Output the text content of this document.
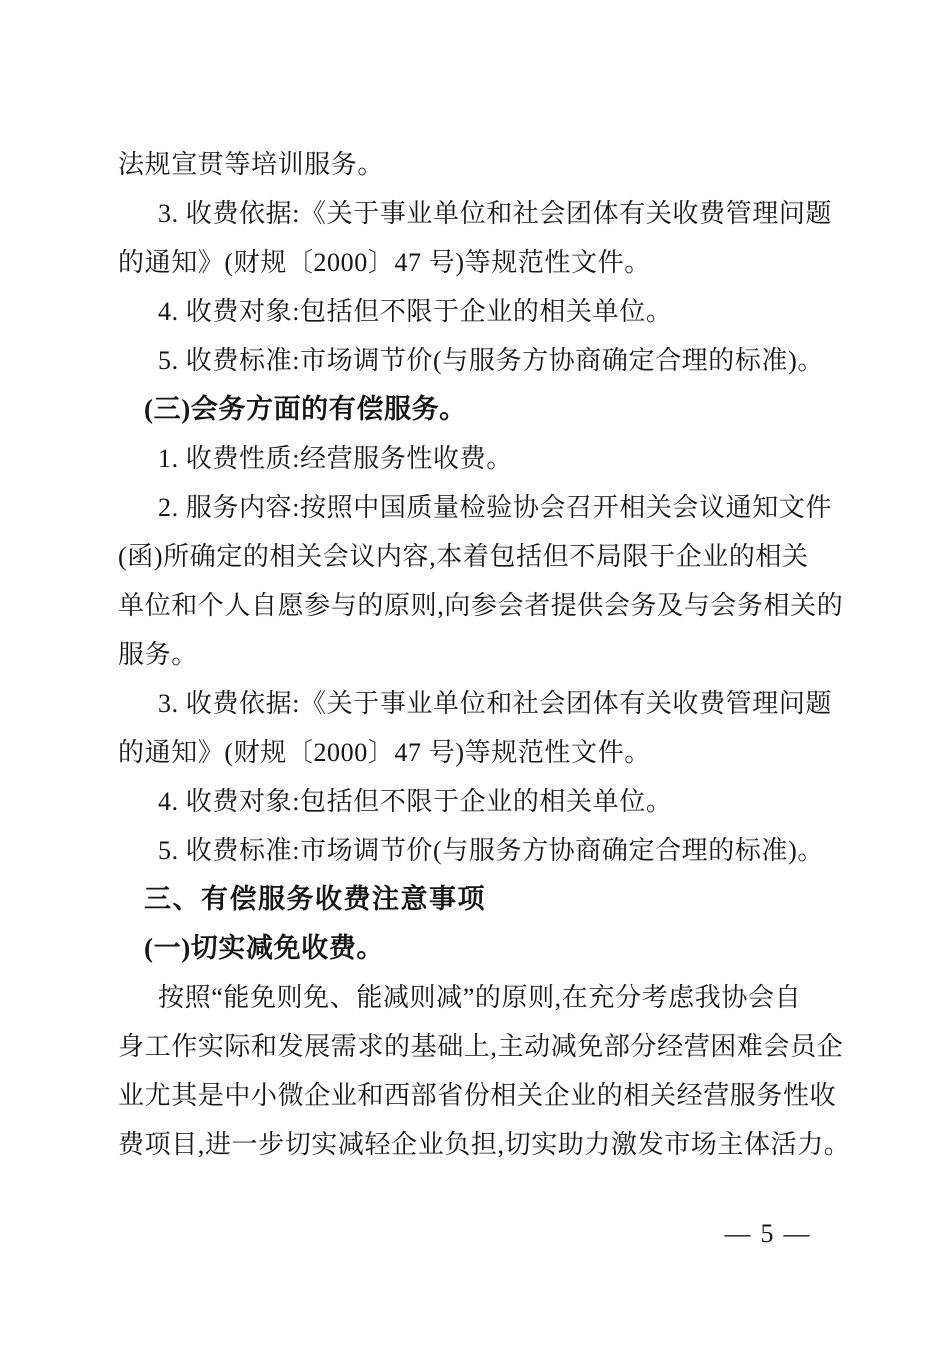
法规宣贯等培训服务。
3. 收费依据:《关于事业单位和社会团体有关收费管理问题
的通知》(财规〔2000〕47 号)等规范性文件。
4. 收费对象:包括但不限于企业的相关单位。
5. 收费标准:市场调节价(与服务方协商确定合理的标准)。
(三)会务方面的有偿服务。
1. 收费性质:经营服务性收费。
2. 服务内容:按照中国质量检验协会召开相关会议通知文件
(函)所确定的相关会议内容,本着包括但不局限于企业的相关
单位和个人自愿参与的原则,向参会者提供会务及与会务相关的
服务。
3. 收费依据:《关于事业单位和社会团体有关收费管理问题
的通知》(财规〔2000〕47 号)等规范性文件。
4. 收费对象:包括但不限于企业的相关单位。
5. 收费标准:市场调节价(与服务方协商确定合理的标准)。
三、有偿服务收费注意事项
(一)切实减免收费。
按照“能免则免、能减则减”的原则,在充分考虑我协会自
身工作实际和发展需求的基础上,主动减免部分经营困难会员企
业尤其是中小微企业和西部省份相关企业的相关经营服务性收
费项目,进一步切实减轻企业负担,切实助力激发市场主体活力。
— 5 —
